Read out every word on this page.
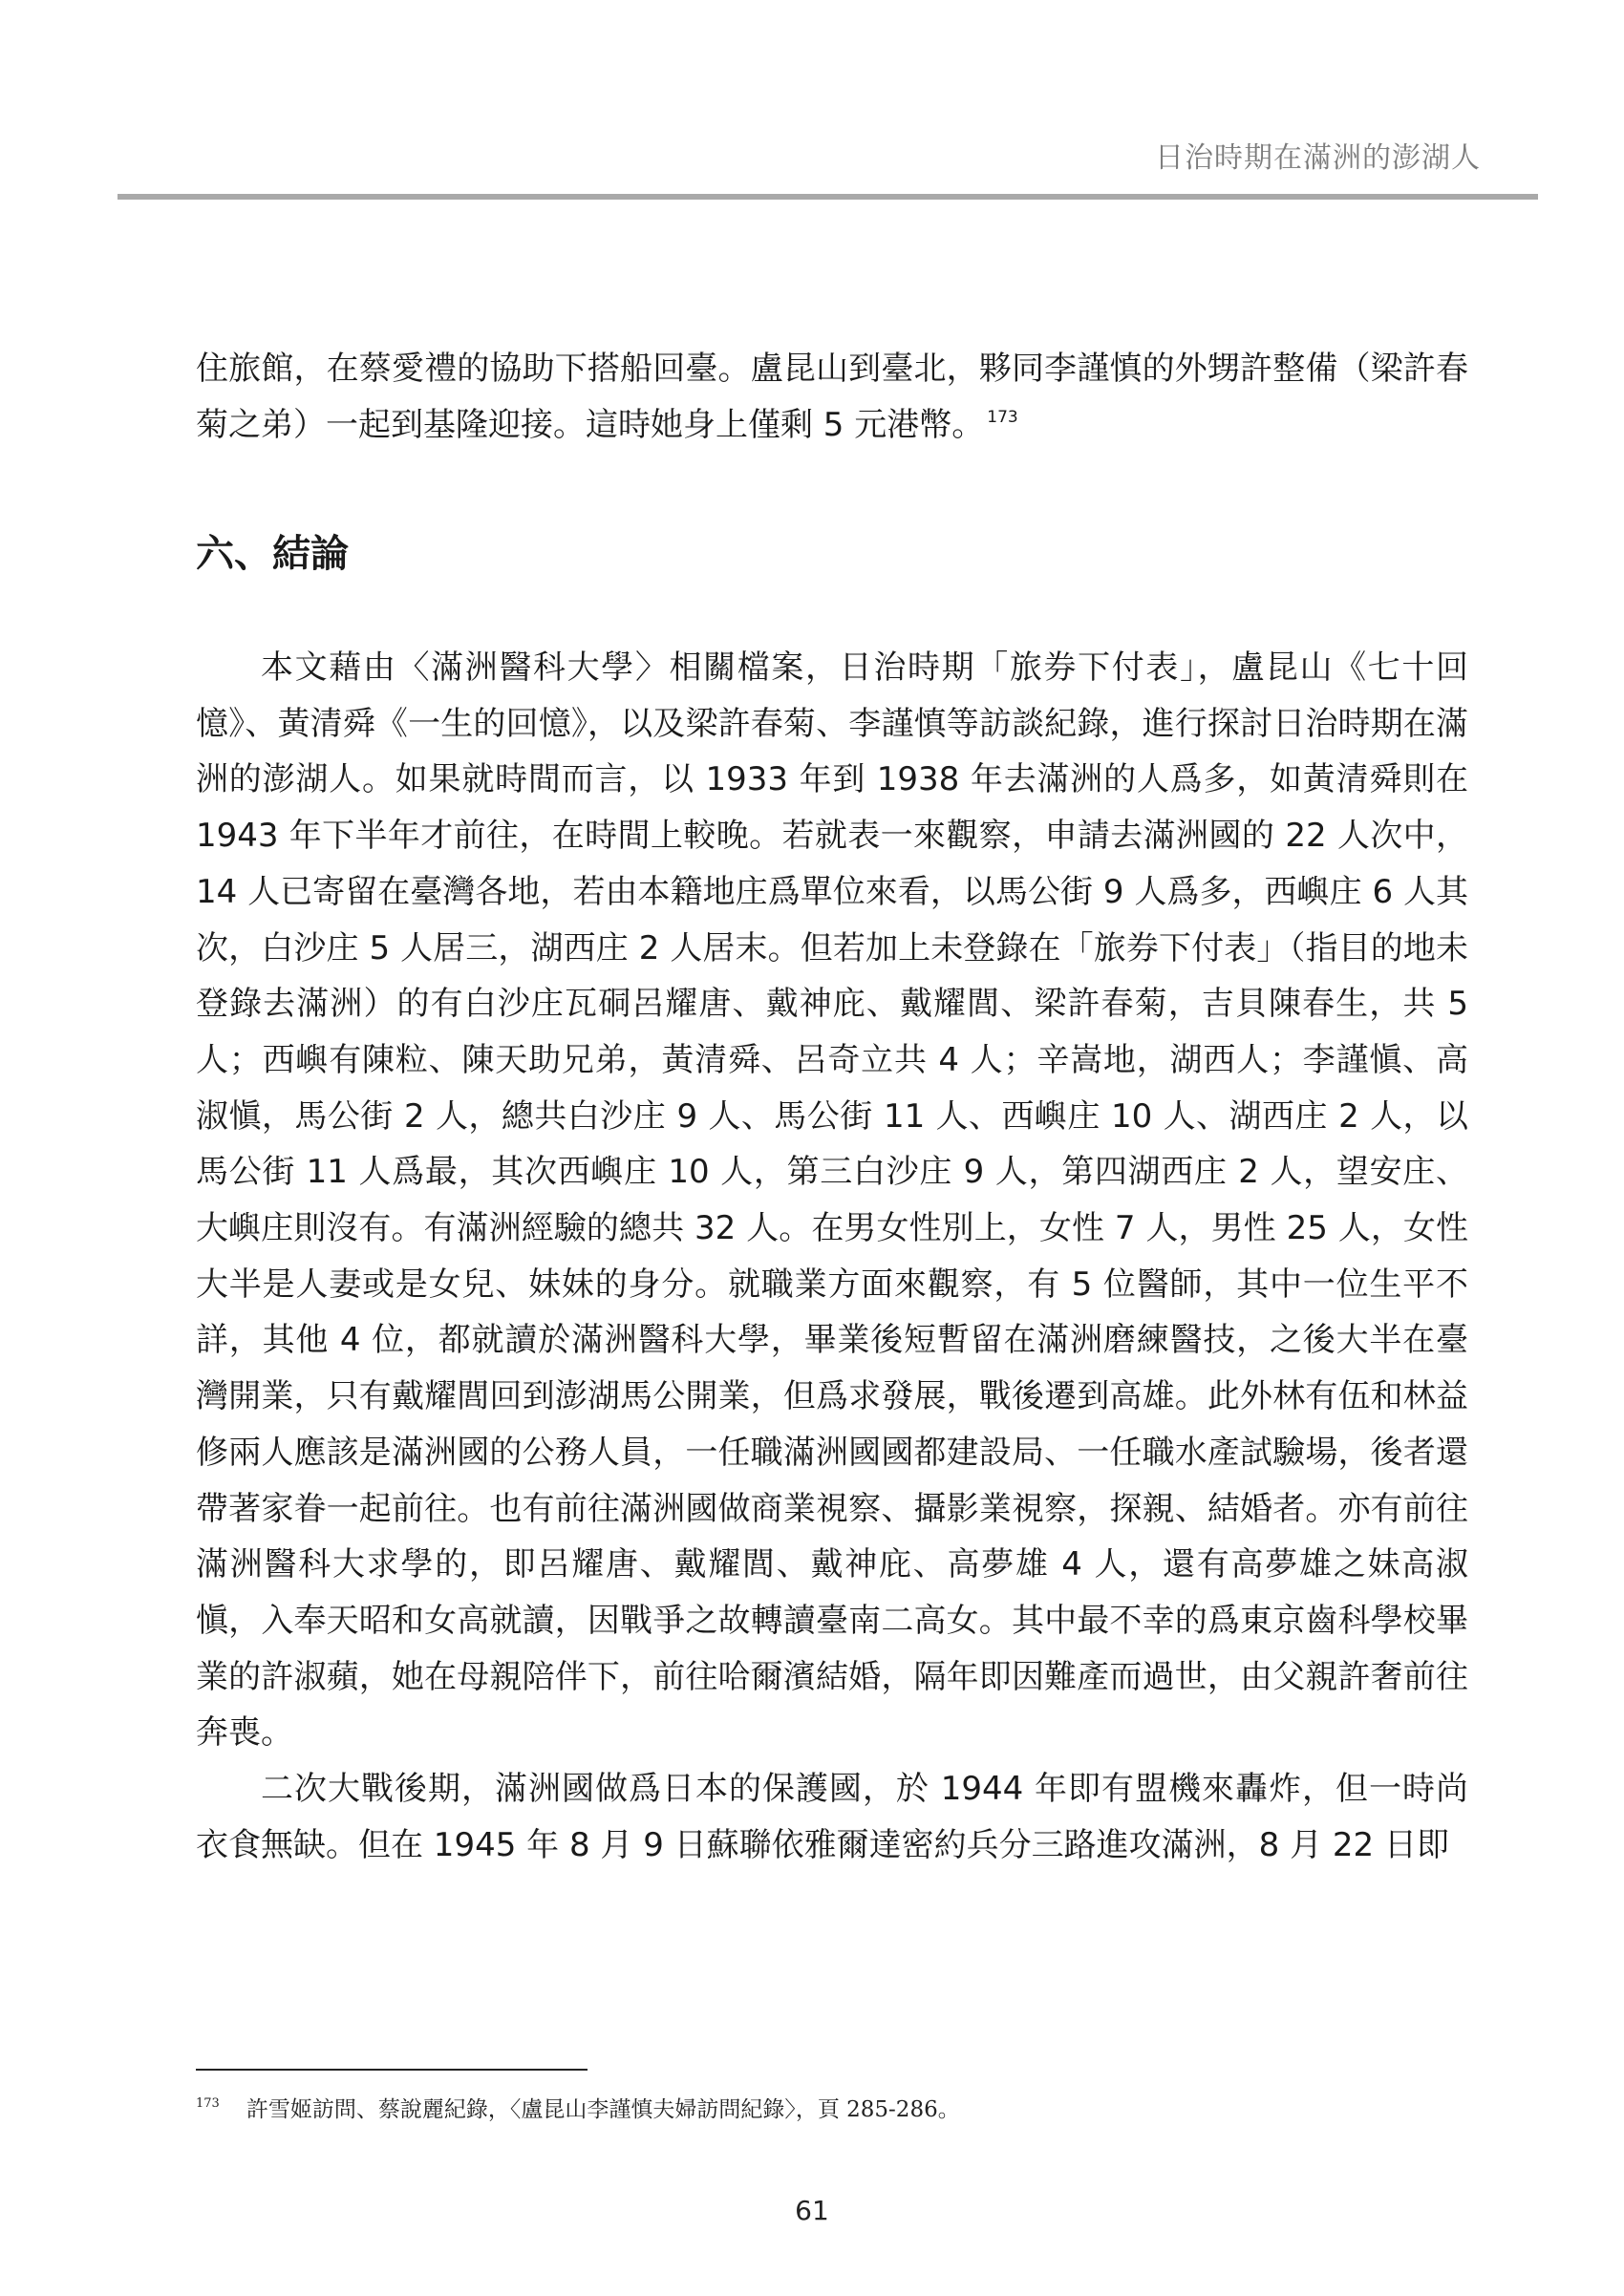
日治時期在滿洲的澎湖人

住旅館，在蔡愛禮的協助下搭船回臺。盧昆山到臺北，夥同李謹慎的外甥許整備（梁許春菊之弟）一起到基隆迎接。這時她身上僅剩 5 元港幣。 $^{173}$

六、結論

本文藉由〈滿洲醫科大學〉相關檔案，日治時期「旅券下付表」，盧昆山《七十回憶》、黃清舜《一生的回憶》，以及梁許春菊、李謹慎等訪談紀錄，進行探討日治時期在滿洲的澎湖人。如果就時間而言，以 1933 年到 1938 年去滿洲的人爲多，如黃清舜則在 1943 年下半年才前往，在時間上較晚。若就表一來觀察，申請去滿洲國的 22 人次中，14 人已寄留在臺灣各地，若由本籍地庄爲單位來看，以馬公街 9 人爲多，西嶼庄 6 人其次，白沙庄 5 人居三，湖西庄 2 人居末。但若加上未登錄在「旅券下付表」（指目的地未登錄去滿洲）的有白沙庄瓦硐呂耀唐、戴神庇、戴耀閭、梁許春菊，吉貝陳春生，共 5 人；西嶼有陳粒、陳天助兄弟，黃清舜、呂奇立共 4 人；辛嵩地，湖西人；李謹愼、高淑愼，馬公街 2 人，總共白沙庄 9 人、馬公街 11 人、西嶼庄 10 人、湖西庄 2 人，以馬公街 11 人爲最，其次西嶼庄 10 人，第三白沙庄 9 人，第四湖西庄 2 人，望安庄、大嶼庄則沒有。有滿洲經驗的總共 32 人。在男女性別上，女性 7 人，男性 25 人，女性大半是人妻或是女兒、妹妹的身分。就職業方面來觀察，有 5 位醫師，其中一位生平不詳，其他 4 位，都就讀於滿洲醫科大學，畢業後短暫留在滿洲磨練醫技，之後大半在臺灣開業，只有戴耀閭回到澎湖馬公開業，但爲求發展，戰後遷到高雄。此外林有伍和林益修兩人應該是滿洲國的公務人員，一任職滿洲國國都建設局、一任職水產試驗場，後者還帶著家眷一起前往。也有前往滿洲國做商業視察、攝影業視察，探親、結婚者。亦有前往滿洲醫科大求學的，即呂耀唐、戴耀閭、戴神庇、高夢雄 4 人，還有高夢雄之妹高淑愼，入奉天昭和女高就讀，因戰爭之故轉讀臺南二高女。其中最不幸的爲東京齒科學校畢業的許淑蘋，她在母親陪伴下，前往哈爾濱結婚，隔年即因難產而過世，由父親許奢前往奔喪。

二次大戰後期，滿洲國做爲日本的保護國，於 1944 年即有盟機來轟炸，但一時尚衣食無缺。但在 1945 年 8 月 9 日蘇聯依雅爾達密約兵分三路進攻滿洲，8 月 22 日即

$^{173}$ 許雪姬訪問、蔡說麗紀錄，〈盧昆山李謹慎夫婦訪問紀錄〉，頁 285-286。
61
